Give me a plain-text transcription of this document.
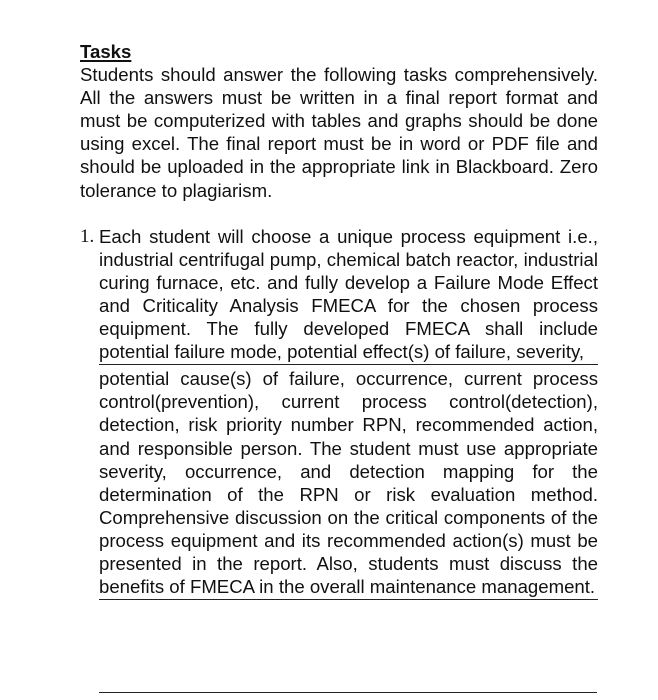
Tasks

Students should answer the following tasks comprehensively. All the answers must be written in a final report format and must be computerized with tables and graphs should be done using excel. The final report must be in word or PDF file and should be uploaded in the appropriate link in Blackboard. Zero tolerance to plagiarism.

1. Each student will choose a unique process equipment i.e., industrial centrifugal pump, chemical batch reactor, industrial curing furnace, etc. and fully develop a Failure Mode Effect and Criticality Analysis FMECA for the chosen process equipment. The fully developed FMECA shall include potential failure mode, potential effect(s) of failure, severity,

potential cause(s) of failure, occurrence, current process control(prevention), current process control(detection), detection, risk priority number RPN, recommended action, and responsible person. The student must use appropriate severity, occurrence, and detection mapping for the determination of the RPN or risk evaluation method. Comprehensive discussion on the critical components of the process equipment and its recommended action(s) must be presented in the report. Also, students must discuss the benefits of FMECA in the overall maintenance management.
